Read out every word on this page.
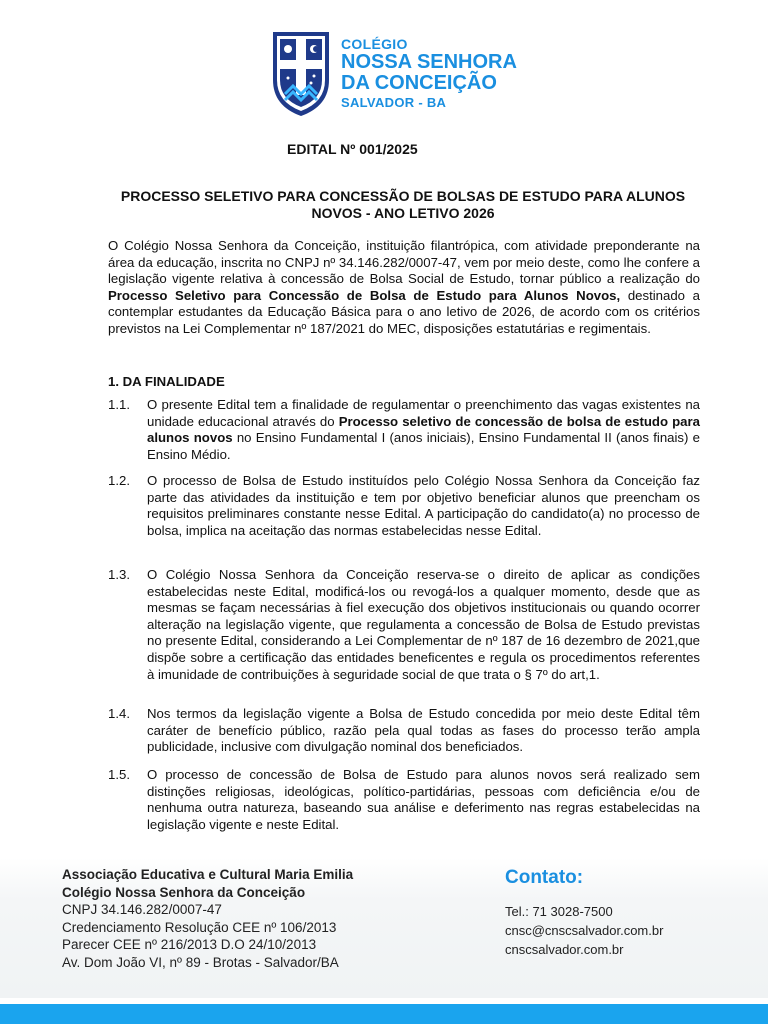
COLÉGIO
NOSSA SENHORA
DA CONCEIÇÃO
SALVADOR - BA
EDITAL Nº 001/2025
PROCESSO SELETIVO PARA CONCESSÃO DE BOLSAS DE ESTUDO PARA ALUNOS NOVOS - ANO LETIVO 2026
O Colégio Nossa Senhora da Conceição, instituição filantrópica, com atividade preponderante na área da educação, inscrita no CNPJ nº 34.146.282/0007-47, vem por meio deste, como lhe confere a legislação vigente relativa à concessão de Bolsa Social de Estudo, tornar público a realização do Processo Seletivo para Concessão de Bolsa de Estudo para Alunos Novos, destinado a contemplar estudantes da Educação Básica para o ano letivo de 2026, de acordo com os critérios previstos na Lei Complementar nº 187/2021 do MEC, disposições estatutárias e regimentais.
1. DA FINALIDADE
1.1.	O presente Edital tem a finalidade de regulamentar o preenchimento das vagas existentes na unidade educacional através do Processo seletivo de concessão de bolsa de estudo para alunos novos no Ensino Fundamental I (anos iniciais), Ensino Fundamental II (anos finais) e Ensino Médio.
1.2.	O processo de Bolsa de Estudo instituídos pelo Colégio Nossa Senhora da Conceição faz parte das atividades da instituição e tem por objetivo beneficiar alunos que preencham os requisitos preliminares constante nesse Edital. A participação do candidato(a) no processo de bolsa, implica na aceitação das normas estabelecidas nesse Edital.
1.3.	O Colégio Nossa Senhora da Conceição reserva-se o direito de aplicar as condições estabelecidas neste Edital, modificá-los ou revogá-los a qualquer momento, desde que as mesmas se façam necessárias à fiel execução dos objetivos institucionais ou quando ocorrer alteração na legislação vigente, que regulamenta a concessão de Bolsa de Estudo previstas no presente Edital, considerando a Lei Complementar de nº 187 de 16 dezembro de 2021,que dispõe sobre a certificação das entidades beneficentes e regula os procedimentos referentes à imunidade de contribuições à seguridade social de que trata o § 7º do art,1.
1.4.	Nos termos da legislação vigente a Bolsa de Estudo concedida por meio deste Edital têm caráter de benefício público, razão pela qual todas as fases do processo terão ampla publicidade, inclusive com divulgação nominal dos beneficiados.
1.5.	O processo de concessão de Bolsa de Estudo para alunos novos será realizado sem distinções religiosas, ideológicas, político-partidárias, pessoas com deficiência e/ou de nenhuma outra natureza, baseando sua análise e deferimento nas regras estabelecidas na legislação vigente e neste Edital.
Associação Educativa e Cultural Maria Emilia
Colégio Nossa Senhora da Conceição
CNPJ 34.146.282/0007-47
Credenciamento Resolução CEE nº 106/2013
Parecer CEE nº 216/2013 D.O 24/10/2013
Av. Dom João VI, nº 89 - Brotas - Salvador/BA
Contato:
Tel.: 71 3028-7500
cnsc@cnscsalvador.com.br
cnscsalvador.com.br
